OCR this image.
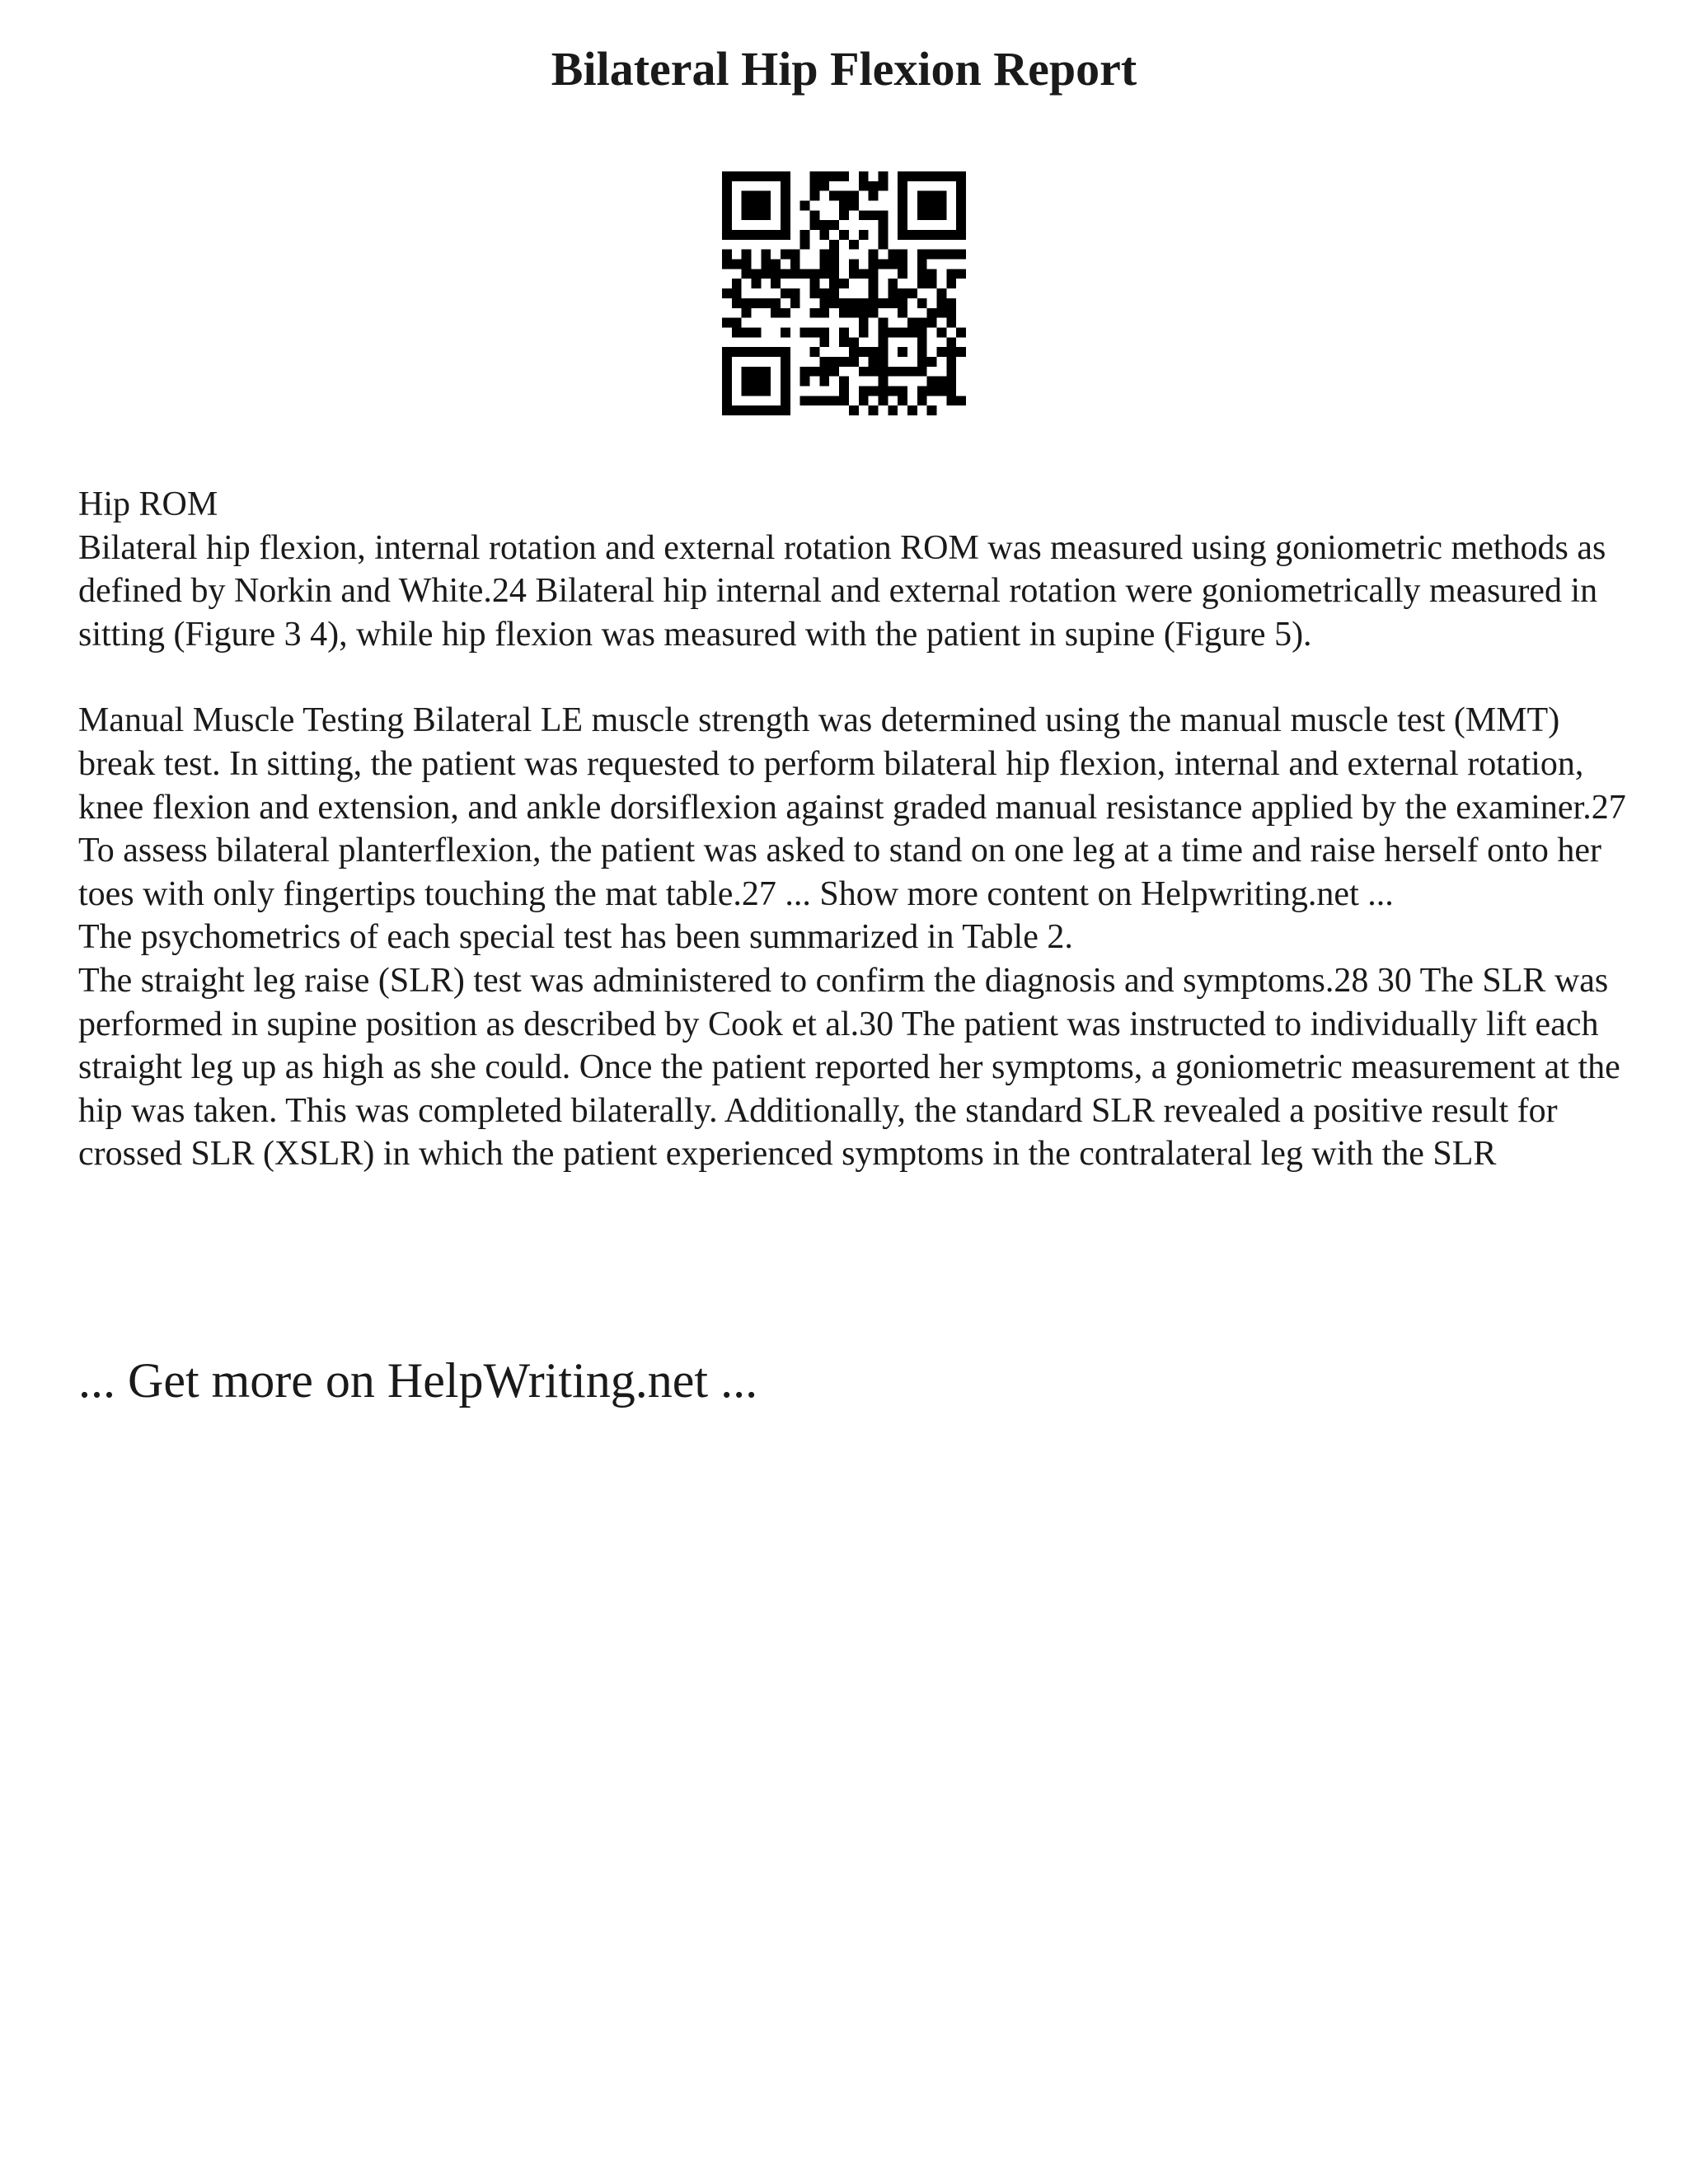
Bilateral Hip Flexion Report

Hip ROM

Bilateral hip flexion, internal rotation and external rotation ROM was measured using goniometric methods as defined by Norkin and White.24 Bilateral hip internal and external rotation were goniometrically measured in sitting (Figure 3 4), while hip flexion was measured with the patient in supine (Figure 5).

Manual Muscle Testing Bilateral LE muscle strength was determined using the manual muscle test (MMT) break test. In sitting, the patient was requested to perform bilateral hip flexion, internal and external rotation, knee flexion and extension, and ankle dorsiflexion against graded manual resistance applied by the examiner.27 To assess bilateral planterflexion, the patient was asked to stand on one leg at a time and raise herself onto her toes with only fingertips touching the mat table.27 ... Show more content on Helpwriting.net ...

The psychometrics of each special test has been summarized in Table 2.

The straight leg raise (SLR) test was administered to confirm the diagnosis and symptoms.28 30 The SLR was performed in supine position as described by Cook et al.30 The patient was instructed to individually lift each straight leg up as high as she could. Once the patient reported her symptoms, a goniometric measurement at the hip was taken. This was completed bilaterally. Additionally, the standard SLR revealed a positive result for crossed SLR (XSLR) in which the patient experienced symptoms in the contralateral leg with the SLR

... Get more on HelpWriting.net ...
